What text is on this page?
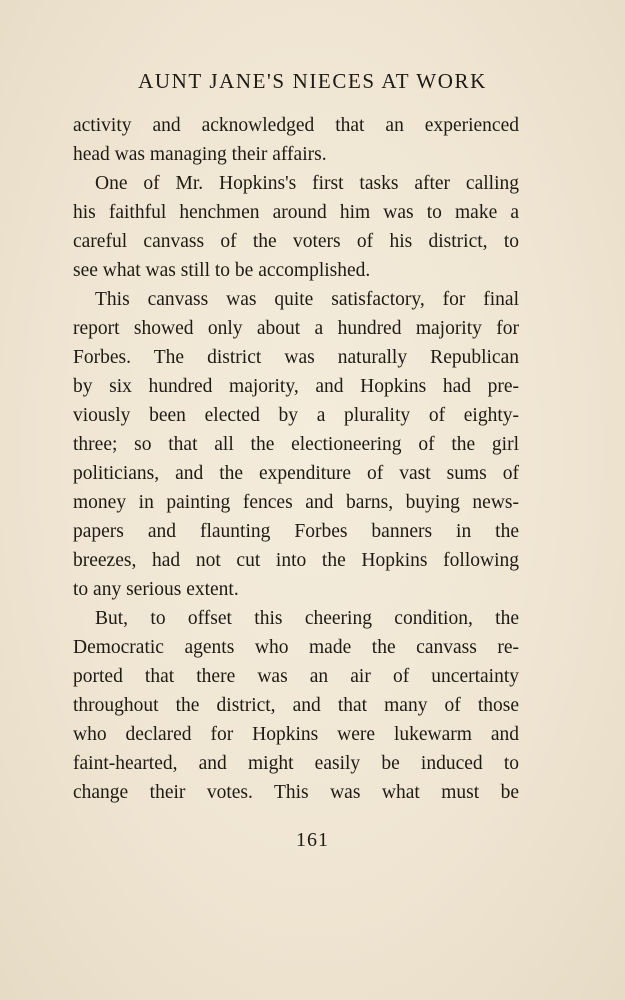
AUNT JANE'S NIECES AT WORK
activity and acknowledged that an experienced
head was managing their affairs.
One of Mr. Hopkins's first tasks after calling
his faithful henchmen around him was to make a
careful canvass of the voters of his district, to
see what was still to be accomplished.
This canvass was quite satisfactory, for final
report showed only about a hundred majority for
Forbes. The district was naturally Republican
by six hundred majority, and Hopkins had pre-
viously been elected by a plurality of eighty-
three; so that all the electioneering of the girl
politicians, and the expenditure of vast sums of
money in painting fences and barns, buying news-
papers and flaunting Forbes banners in the
breezes, had not cut into the Hopkins following
to any serious extent.
But, to offset this cheering condition, the
Democratic agents who made the canvass re-
ported that there was an air of uncertainty
throughout the district, and that many of those
who declared for Hopkins were lukewarm and
faint-hearted, and might easily be induced to
change their votes. This was what must be
161
